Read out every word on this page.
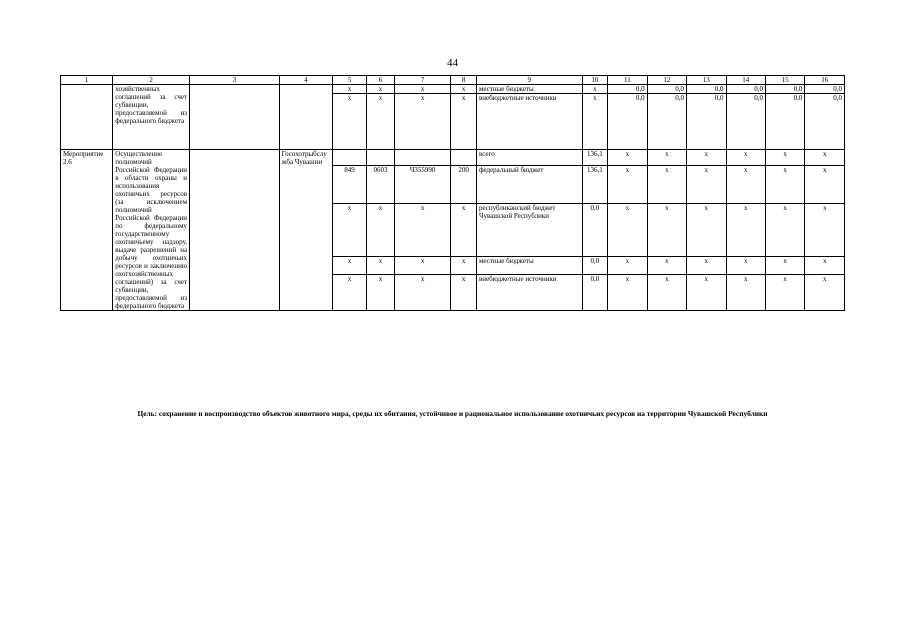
44
1	2	3	4	5	6	7	8	9	10	11	12	13	14	15	16
	хозяйственных соглашений за счет субвенции, предоставляемой из федерального бюджета			x	x	x	x	местные бюджеты	x	0,0	0,0	0,0	0,0	0,0	0,0
				x	x	x	x	внебюджетные источники	x	0,0	0,0	0,0	0,0	0,0	0,0
Мероприятие 2.6	Осуществление полномочий Российской Федерации в области охраны и использования охотничьих ресурсов (за исключением полномочий Российской Федерации по федеральному государственному охотничьему надзору, выдаче разрешений на добычу охотничьих ресурсов и заключению охотхозяйственных соглашений) за счет субвенции, предоставляемой из федерального бюджета		Госохотрыбслужба Чувашии					всего	136,1	x	x	x	x	x	x
				849	0603	Ч355990	200	федеральный бюджет	136,1	x	x	x	x	x	x
				x	x	x	x	республиканский бюджет Чувашской Республики	0,0	x	x	x	x	x	x
				x	x	x	x	местные бюджеты	0,0	x	x	x	x	x	x
				x	x	x	x	внебюджетные источники	0,0	x	x	x	x	x	x
Цель: сохранение и воспроизводство объектов животного мира, среды их обитания, устойчивое и рациональное использование охотничьих ресурсов на территории Чувашской Республики
